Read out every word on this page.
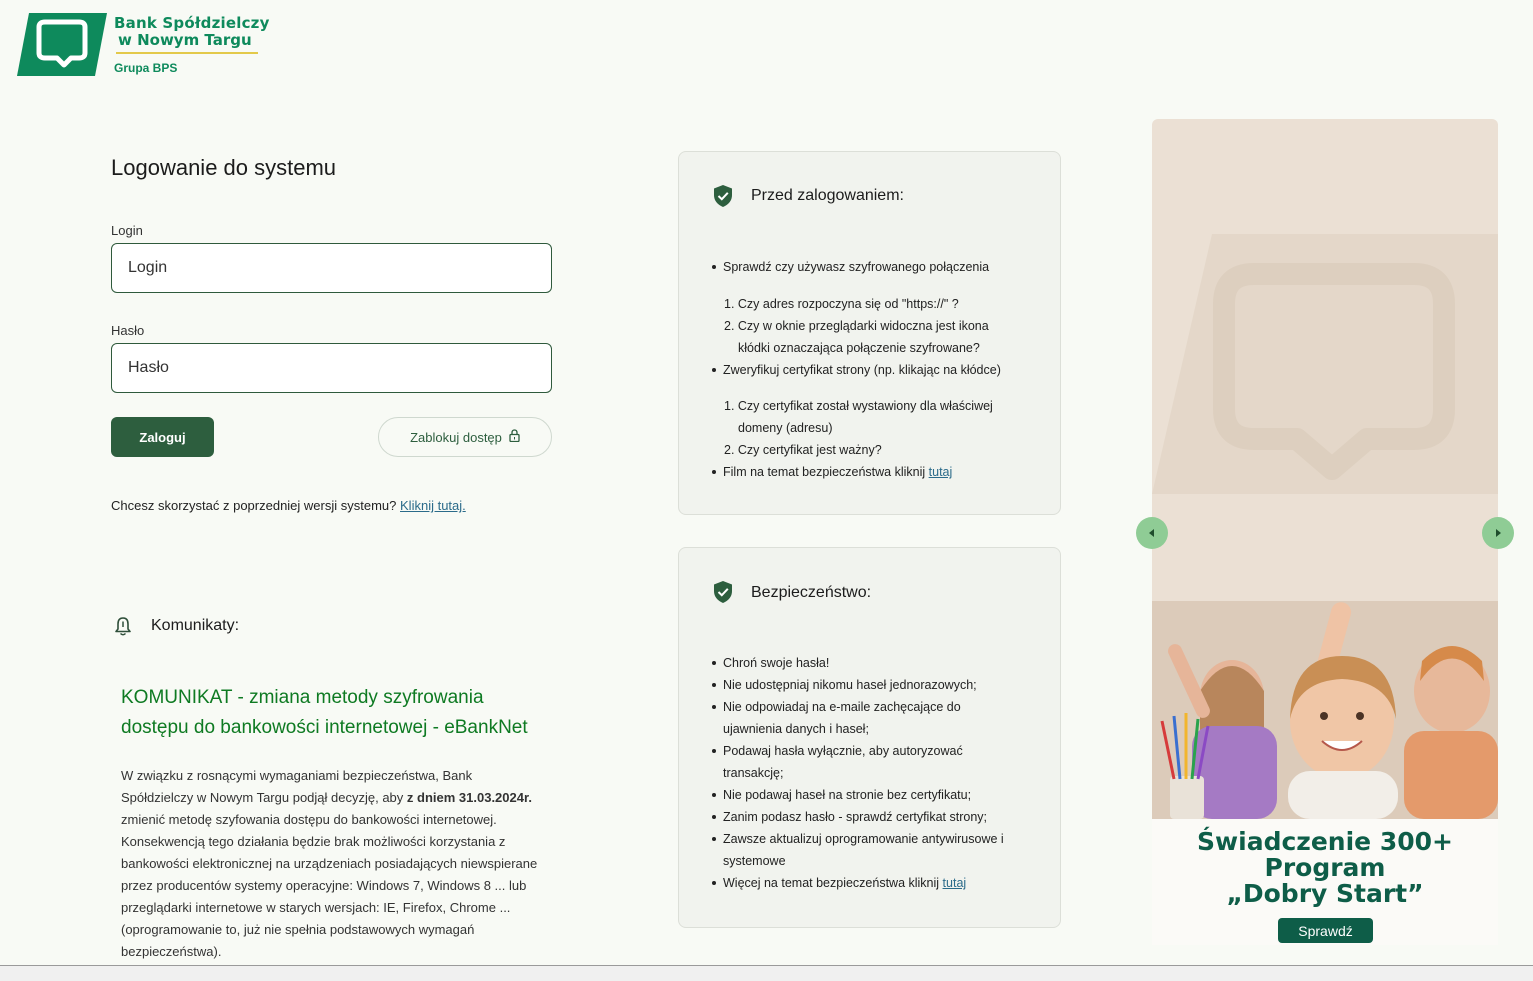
Bank Spółdzielczy
w Nowym Targu
Grupa BPS
Logowanie do systemu
Login
Login
Hasło
Zaloguj	Zablokuj dostęp
Chcesz skorzystać z poprzedniej wersji systemu? Kliknij tutaj.
Komunikaty:
KOMUNIKAT - zmiana metody szyfrowania dostępu do bankowości internetowej - eBankNet
W związku z rosnącymi wymaganiami bezpieczeństwa, Bank Spółdzielczy w Nowym Targu podjął decyzję, aby z dniem 31.03.2024r. zmienić metodę szyfowania dostępu do bankowości internetowej. Konsekwencją tego działania będzie brak możliwości korzystania z bankowości elektronicznej na urządzeniach posiadających niewspierane przez producentów systemy operacyjne: Windows 7, Windows 8 ... lub przeglądarki internetowe w starych wersjach: IE, Firefox, Chrome ... (oprogramowanie to, już nie spełnia podstawowych wymagań bezpieczeństwa).
Przed zalogowaniem:
Sprawdź czy używasz szyfrowanego połączenia
1. Czy adres rozpoczyna się od "https://" ?
2. Czy w oknie przeglądarki widoczna jest ikona
kłódki oznaczająca połączenie szyfrowane?
Zweryfikuj certyfikat strony (np. klikając na kłódce)
1. Czy certyfikat został wystawiony dla właściwej
domeny (adresu)
2. Czy certyfikat jest ważny?
Film na temat bezpieczeństwa kliknij tutaj
Bezpieczeństwo:
Chroń swoje hasła!
Nie udostępniaj nikomu haseł jednorazowych;
Nie odpowiadaj na e-maile zachęcające do
ujawnienia danych i haseł;
Podawaj hasła wyłącznie, aby autoryzować
transakcję;
Nie podawaj haseł na stronie bez certyfikatu;
Zanim podasz hasło - sprawdź certyfikat strony;
Zawsze aktualizuj oprogramowanie antywirusowe i
systemowe
Więcej na temat bezpieczeństwa kliknij tutaj
Świadczenie 300+
Program
„Dobry Start”
Sprawdź
